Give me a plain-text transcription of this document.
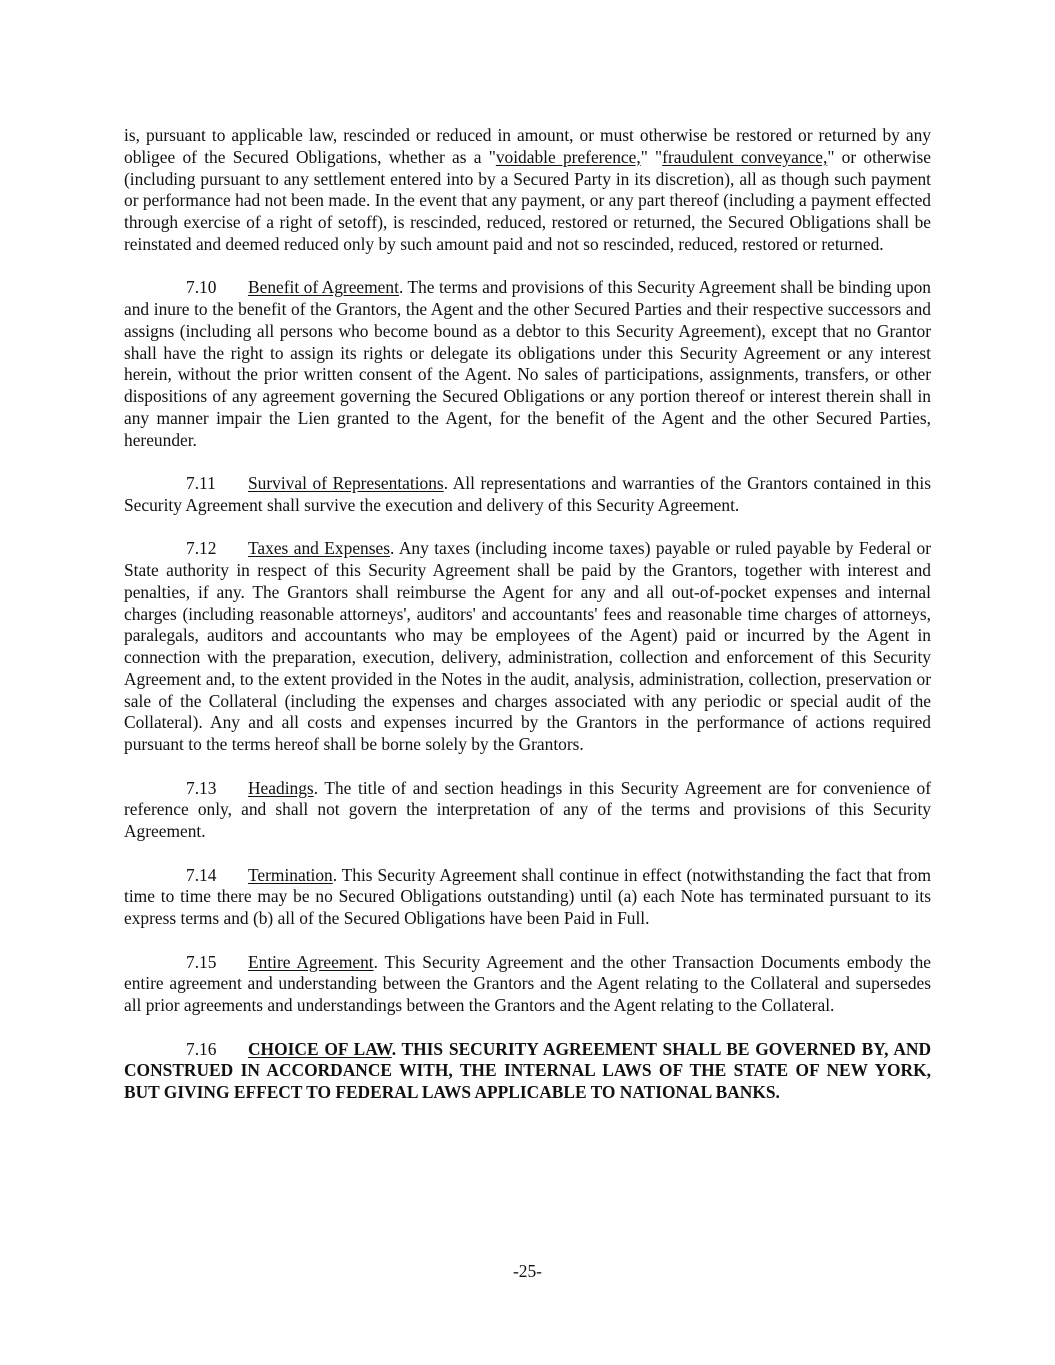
is, pursuant to applicable law, rescinded or reduced in amount, or must otherwise be restored or returned by any obligee of the Secured Obligations, whether as a "voidable preference," "fraudulent conveyance," or otherwise (including pursuant to any settlement entered into by a Secured Party in its discretion), all as though such payment or performance had not been made. In the event that any payment, or any part thereof (including a payment effected through exercise of a right of setoff), is rescinded, reduced, restored or returned, the Secured Obligations shall be reinstated and deemed reduced only by such amount paid and not so rescinded, reduced, restored or returned.

7.10 Benefit of Agreement. The terms and provisions of this Security Agreement shall be binding upon and inure to the benefit of the Grantors, the Agent and the other Secured Parties and their respective successors and assigns (including all persons who become bound as a debtor to this Security Agreement), except that no Grantor shall have the right to assign its rights or delegate its obligations under this Security Agreement or any interest herein, without the prior written consent of the Agent. No sales of participations, assignments, transfers, or other dispositions of any agreement governing the Secured Obligations or any portion thereof or interest therein shall in any manner impair the Lien granted to the Agent, for the benefit of the Agent and the other Secured Parties, hereunder.

7.11 Survival of Representations. All representations and warranties of the Grantors contained in this Security Agreement shall survive the execution and delivery of this Security Agreement.

7.12 Taxes and Expenses. Any taxes (including income taxes) payable or ruled payable by Federal or State authority in respect of this Security Agreement shall be paid by the Grantors, together with interest and penalties, if any. The Grantors shall reimburse the Agent for any and all out-of-pocket expenses and internal charges (including reasonable attorneys', auditors' and accountants' fees and reasonable time charges of attorneys, paralegals, auditors and accountants who may be employees of the Agent) paid or incurred by the Agent in connection with the preparation, execution, delivery, administration, collection and enforcement of this Security Agreement and, to the extent provided in the Notes in the audit, analysis, administration, collection, preservation or sale of the Collateral (including the expenses and charges associated with any periodic or special audit of the Collateral). Any and all costs and expenses incurred by the Grantors in the performance of actions required pursuant to the terms hereof shall be borne solely by the Grantors.

7.13 Headings. The title of and section headings in this Security Agreement are for convenience of reference only, and shall not govern the interpretation of any of the terms and provisions of this Security Agreement.

7.14 Termination. This Security Agreement shall continue in effect (notwithstanding the fact that from time to time there may be no Secured Obligations outstanding) until (a) each Note has terminated pursuant to its express terms and (b) all of the Secured Obligations have been Paid in Full.

7.15 Entire Agreement. This Security Agreement and the other Transaction Documents embody the entire agreement and understanding between the Grantors and the Agent relating to the Collateral and supersedes all prior agreements and understandings between the Grantors and the Agent relating to the Collateral.

7.16 CHOICE OF LAW. THIS SECURITY AGREEMENT SHALL BE GOVERNED BY, AND CONSTRUED IN ACCORDANCE WITH, THE INTERNAL LAWS OF THE STATE OF NEW YORK, BUT GIVING EFFECT TO FEDERAL LAWS APPLICABLE TO NATIONAL BANKS.

-25-
